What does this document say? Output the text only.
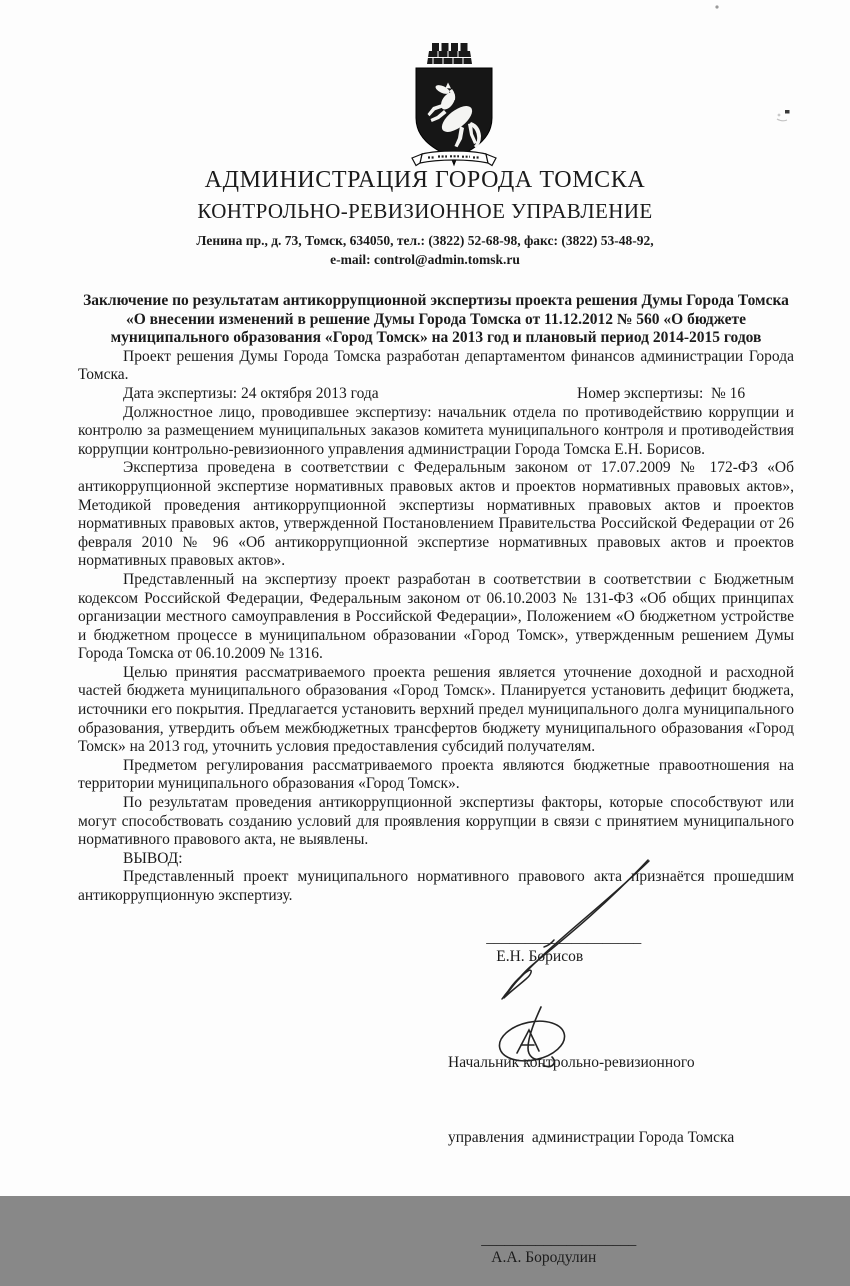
АДМИНИСТРАЦИЯ ГОРОДА ТОМСКА
КОНТРОЛЬНО-РЕВИЗИОННОЕ УПРАВЛЕНИЕ
Ленина пр., д. 73, Томск, 634050, тел.: (3822) 52-68-98, факс: (3822) 53-48-92,
e-mail: control@admin.tomsk.ru
Заключение по результатам антикоррупционной экспертизы проекта решения Думы Города Томска «О внесении изменений в решение Думы Города Томска от 11.12.2012 № 560 «О бюджете муниципального образования «Город Томск» на 2013 год и плановый период 2014-2015 годов

Проект решения Думы Города Томска разработан департаментом финансов администрации Города Томска.

Дата экспертизы: 24 октября 2013 года	Номер экспертизы:  № 16

Должностное лицо, проводившее экспертизу: начальник отдела по противодействию коррупции и контролю за размещением муниципальных заказов комитета муниципального контроля и противодействия коррупции контрольно-ревизионного управления администрации Города Томска Е.Н. Борисов.

Экспертиза проведена в соответствии с Федеральным законом от 17.07.2009 № 172-ФЗ «Об антикоррупционной экспертизе нормативных правовых актов и проектов нормативных правовых актов», Методикой проведения антикоррупционной экспертизы нормативных правовых актов и проектов нормативных правовых актов, утвержденной Постановлением Правительства Российской Федерации от 26 февраля 2010 № 96 «Об антикоррупционной экспертизе нормативных правовых актов и проектов нормативных правовых актов».

Представленный на экспертизу проект разработан в соответствии в соответствии с Бюджетным кодексом Российской Федерации, Федеральным законом от 06.10.2003 № 131-ФЗ «Об общих принципах организации местного самоуправления в Российской Федерации», Положением «О бюджетном устройстве и бюджетном процессе в муниципальном образовании «Город Томск», утвержденным решением Думы Города Томска от 06.10.2009 № 1316.

Целью принятия рассматриваемого проекта решения является уточнение доходной и расходной частей бюджета муниципального образования «Город Томск». Планируется установить дефицит бюджета, источники его покрытия. Предлагается установить верхний предел муниципального долга муниципального образования, утвердить объем межбюджетных трансфертов бюджету муниципального образования «Город Томск» на 2013 год, уточнить условия предоставления субсидий получателям.

Предметом регулирования рассматриваемого проекта являются бюджетные правоотношения на территории муниципального образования «Город Томск».

По результатам проведения антикоррупционной экспертизы факторы, которые способствуют или могут способствовать созданию условий для проявления коррупции в связи с принятием муниципального нормативного правового акта, не выявлены.

ВЫВОД:

Представленный проект муниципального нормативного правового акта признаётся прошедшим антикоррупционную экспертизу.

____________________
Е.Н. Борисов

Начальник контрольно-ревизионного

управления  администрации Города Томска

____________________
А.А. Бородулин
